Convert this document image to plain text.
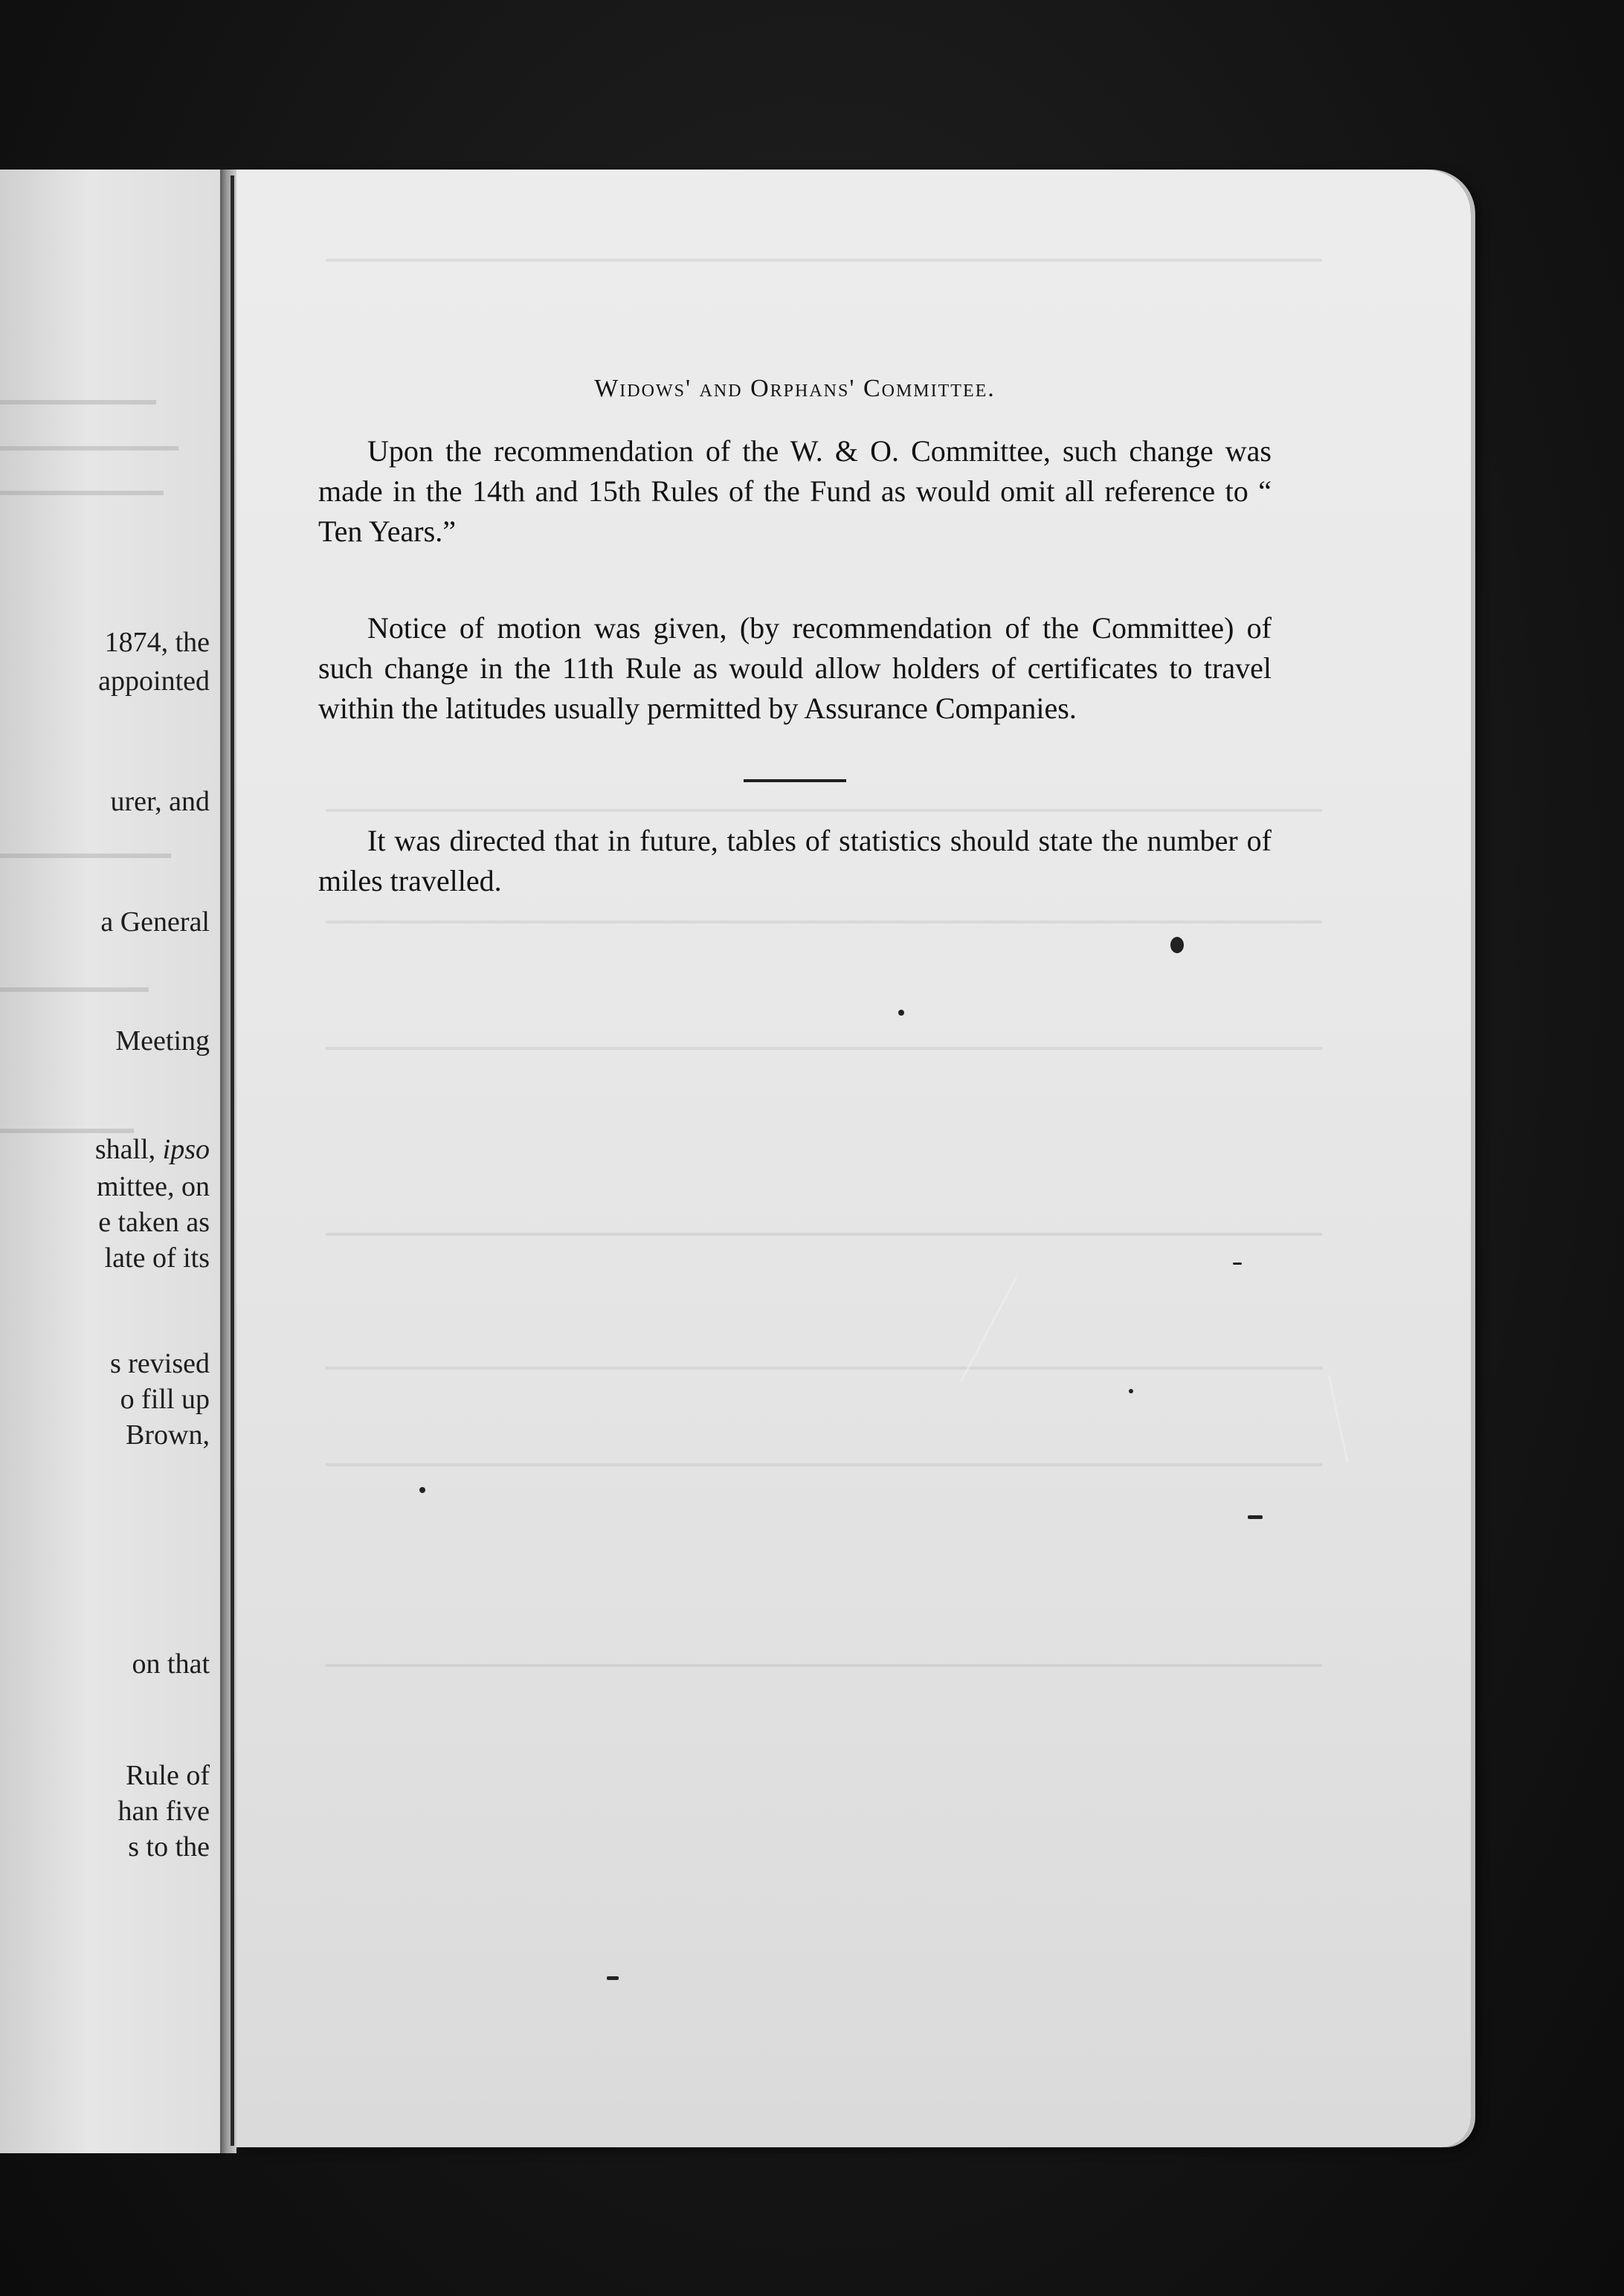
1874, the
appointed
urer, and
a General
Meeting
shall, ipso
mittee, on
e taken as
late of its
s revised
o fill up
Brown,
on that
Rule of
han five
s to the
Widows' and Orphans' Committee.

Upon the recommendation of the W. & O. Committee, such change was made in the 14th and 15th Rules of the Fund as would omit all reference to “ Ten Years.”

Notice of motion was given, (by recommendation of the Committee) of such change in the 11th Rule as would allow holders of certificates to travel within the latitudes usually permitted by Assurance Companies.

It was directed that in future, tables of statistics should state the number of miles travelled.
